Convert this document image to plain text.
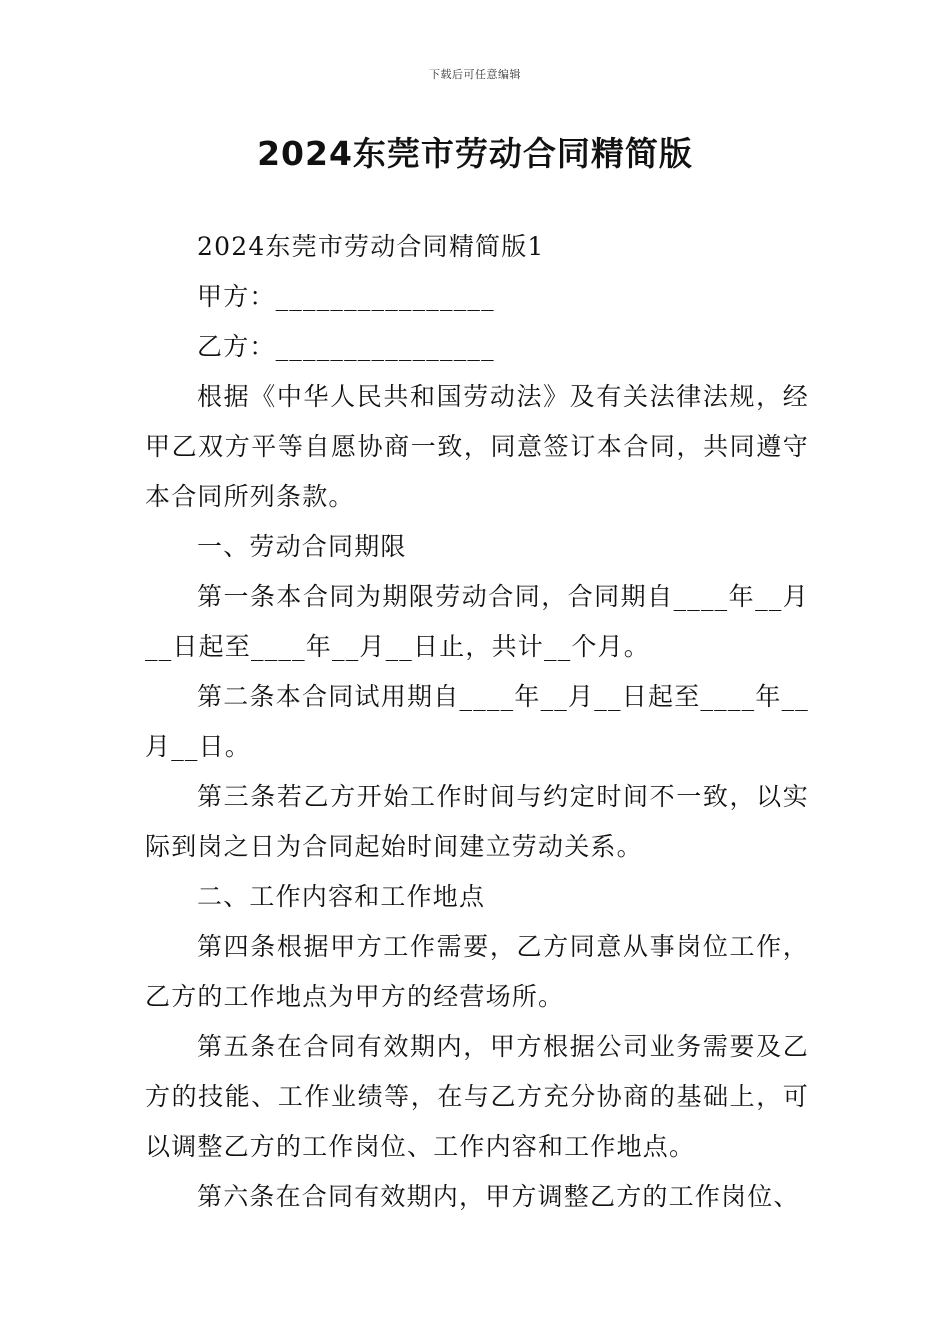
下载后可任意编辑
2024东莞市劳动合同精简版

2024东莞市劳动合同精简版1

甲方：________________

乙方：________________

根据《中华人民共和国劳动法》及有关法律法规，经甲乙双方平等自愿协商一致，同意签订本合同，共同遵守本合同所列条款。

一、劳动合同期限

第一条本合同为期限劳动合同，合同期自____年__月__日起至____年__月__日止，共计__个月。

第二条本合同试用期自____年__月__日起至____年__月__日。

第三条若乙方开始工作时间与约定时间不一致，以实际到岗之日为合同起始时间建立劳动关系。

二、工作内容和工作地点

第四条根据甲方工作需要，乙方同意从事岗位工作，乙方的工作地点为甲方的经营场所。

第五条在合同有效期内，甲方根据公司业务需要及乙方的技能、工作业绩等，在与乙方充分协商的基础上，可以调整乙方的工作岗位、工作内容和工作地点。

第六条在合同有效期内，甲方调整乙方的工作岗位、
